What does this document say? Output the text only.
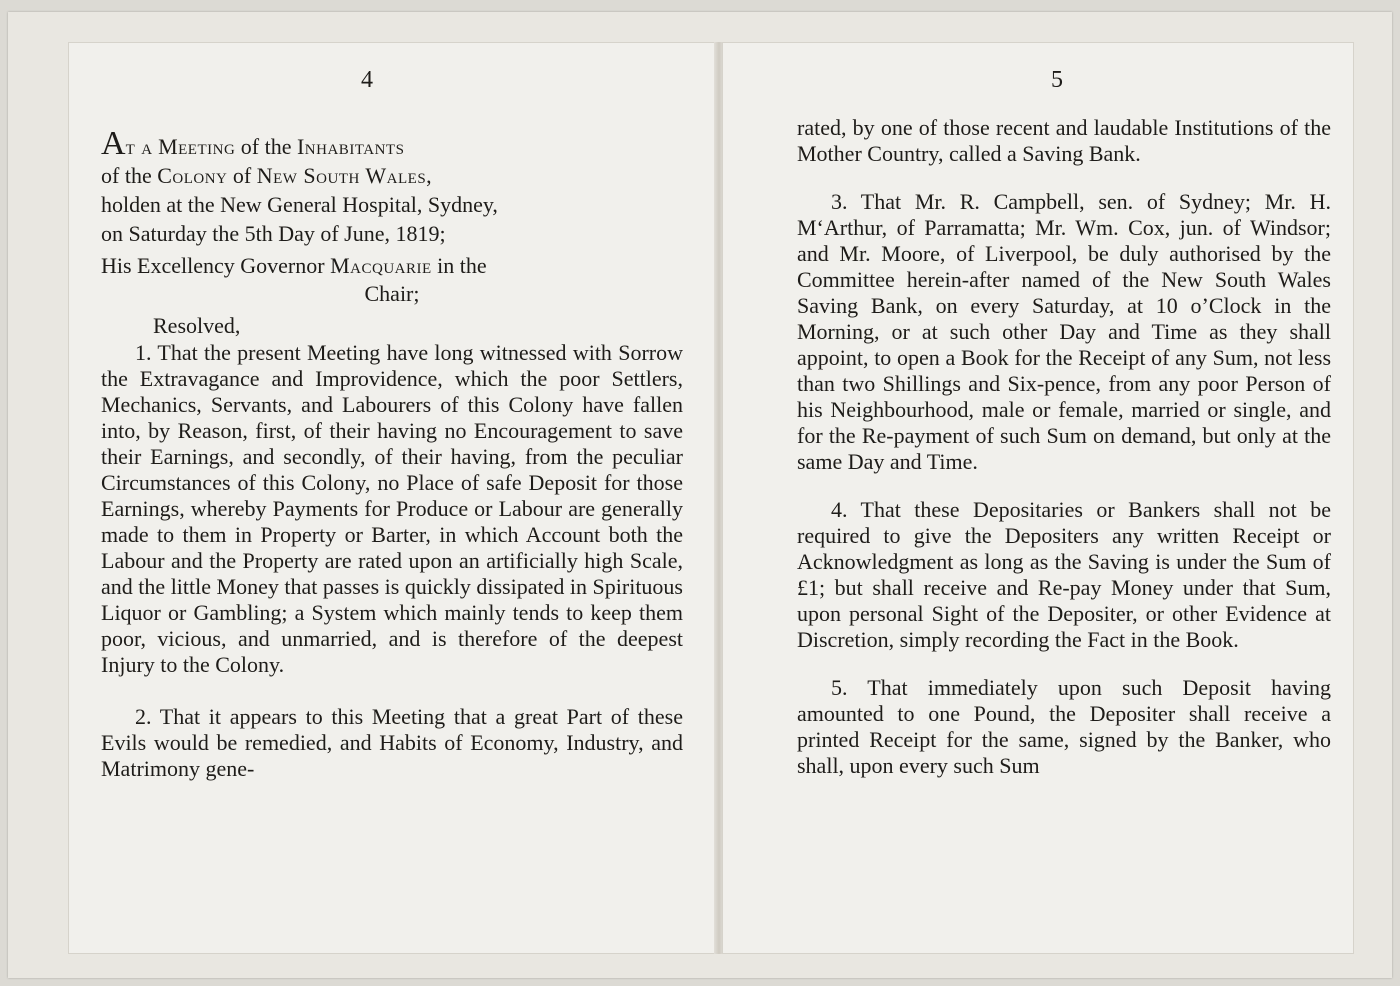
4

At a Meeting of the Inhabitants
of the Colony of New South Wales,
holden at the New General Hospital, Sydney,
on Saturday the 5th Day of June, 1819;

His Excellency Governor Macquarie in the
Chair;

Resolved,

1. That the present Meeting have long witnessed with Sorrow the Extravagance and Improvidence, which the poor Settlers, Mechanics, Servants, and Labourers of this Colony have fallen into, by Reason, first, of their having no Encouragement to save their Earnings, and secondly, of their having, from the peculiar Circumstances of this Colony, no Place of safe Deposit for those Earnings, whereby Payments for Produce or Labour are generally made to them in Property or Barter, in which Account both the Labour and the Property are rated upon an artificially high Scale, and the little Money that passes is quickly dissipated in Spirituous Liquor or Gambling; a System which mainly tends to keep them poor, vicious, and unmarried, and is therefore of the deepest Injury to the Colony.

2. That it appears to this Meeting that a great Part of these Evils would be remedied, and Habits of Economy, Industry, and Matrimony gene-

5

rated, by one of those recent and laudable Institutions of the Mother Country, called a Saving Bank.

3. That Mr. R. Campbell, sen. of Sydney; Mr. H. M‘Arthur, of Parramatta; Mr. Wm. Cox, jun. of Windsor; and Mr. Moore, of Liverpool, be duly authorised by the Committee herein-after named of the New South Wales Saving Bank, on every Saturday, at 10 o’Clock in the Morning, or at such other Day and Time as they shall appoint, to open a Book for the Receipt of any Sum, not less than two Shillings and Six-pence, from any poor Person of his Neighbourhood, male or female, married or single, and for the Re-payment of such Sum on demand, but only at the same Day and Time.

4. That these Depositaries or Bankers shall not be required to give the Depositers any written Receipt or Acknowledgment as long as the Saving is under the Sum of £1; but shall receive and Re-pay Money under that Sum, upon personal Sight of the Depositer, or other Evidence at Discretion, simply recording the Fact in the Book.

5. That immediately upon such Deposit having amounted to one Pound, the Depositer shall receive a printed Receipt for the same, signed by the Banker, who shall, upon every such Sum
